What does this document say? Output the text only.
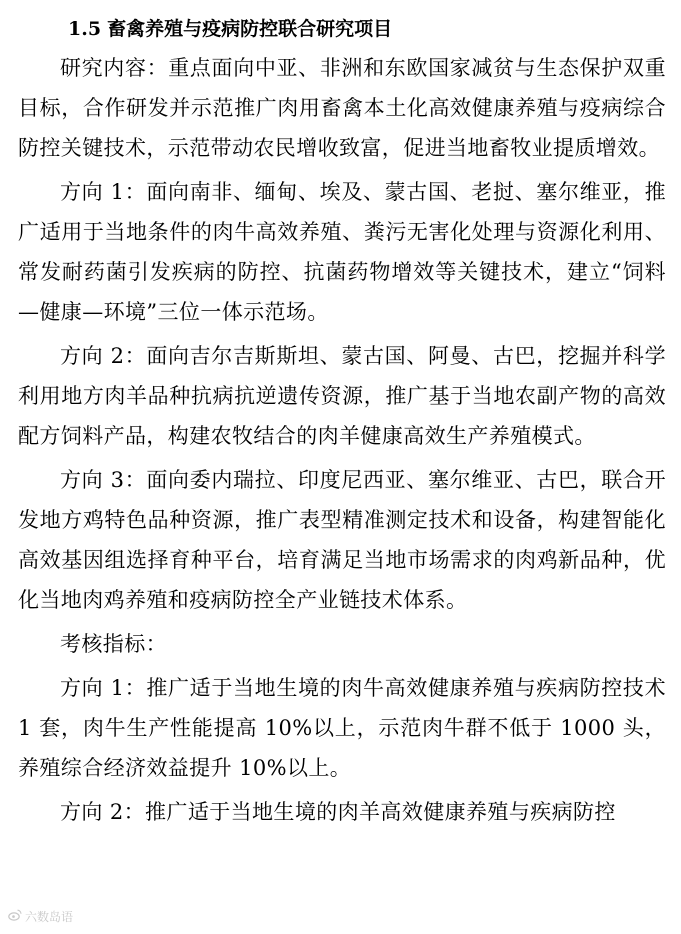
1.5 畜禽养殖与疫病防控联合研究项目

研究内容：重点面向中亚、非洲和东欧国家减贫与生态保护双重目标，合作研发并示范推广肉用畜禽本土化高效健康养殖与疫病综合防控关键技术，示范带动农民增收致富，促进当地畜牧业提质增效。

方向 1：面向南非、缅甸、埃及、蒙古国、老挝、塞尔维亚，推广适用于当地条件的肉牛高效养殖、粪污无害化处理与资源化利用、常发耐药菌引发疾病的防控、抗菌药物增效等关键技术，建立“饲料—健康—环境”三位一体示范场。

方向 2：面向吉尔吉斯斯坦、蒙古国、阿曼、古巴，挖掘并科学利用地方肉羊品种抗病抗逆遗传资源，推广基于当地农副产物的高效配方饲料产品，构建农牧结合的肉羊健康高效生产养殖模式。

方向 3：面向委内瑞拉、印度尼西亚、塞尔维亚、古巴，联合开发地方鸡特色品种资源，推广表型精准测定技术和设备，构建智能化高效基因组选择育种平台，培育满足当地市场需求的肉鸡新品种，优化当地肉鸡养殖和疫病防控全产业链技术体系。

考核指标：

方向 1：推广适于当地生境的肉牛高效健康养殖与疾病防控技术 1 套，肉牛生产性能提高 10%以上，示范肉牛群不低于 1000 头，养殖综合经济效益提升 10%以上。

方向 2：推广适于当地生境的肉羊高效健康养殖与疾病防控

六数岛语
